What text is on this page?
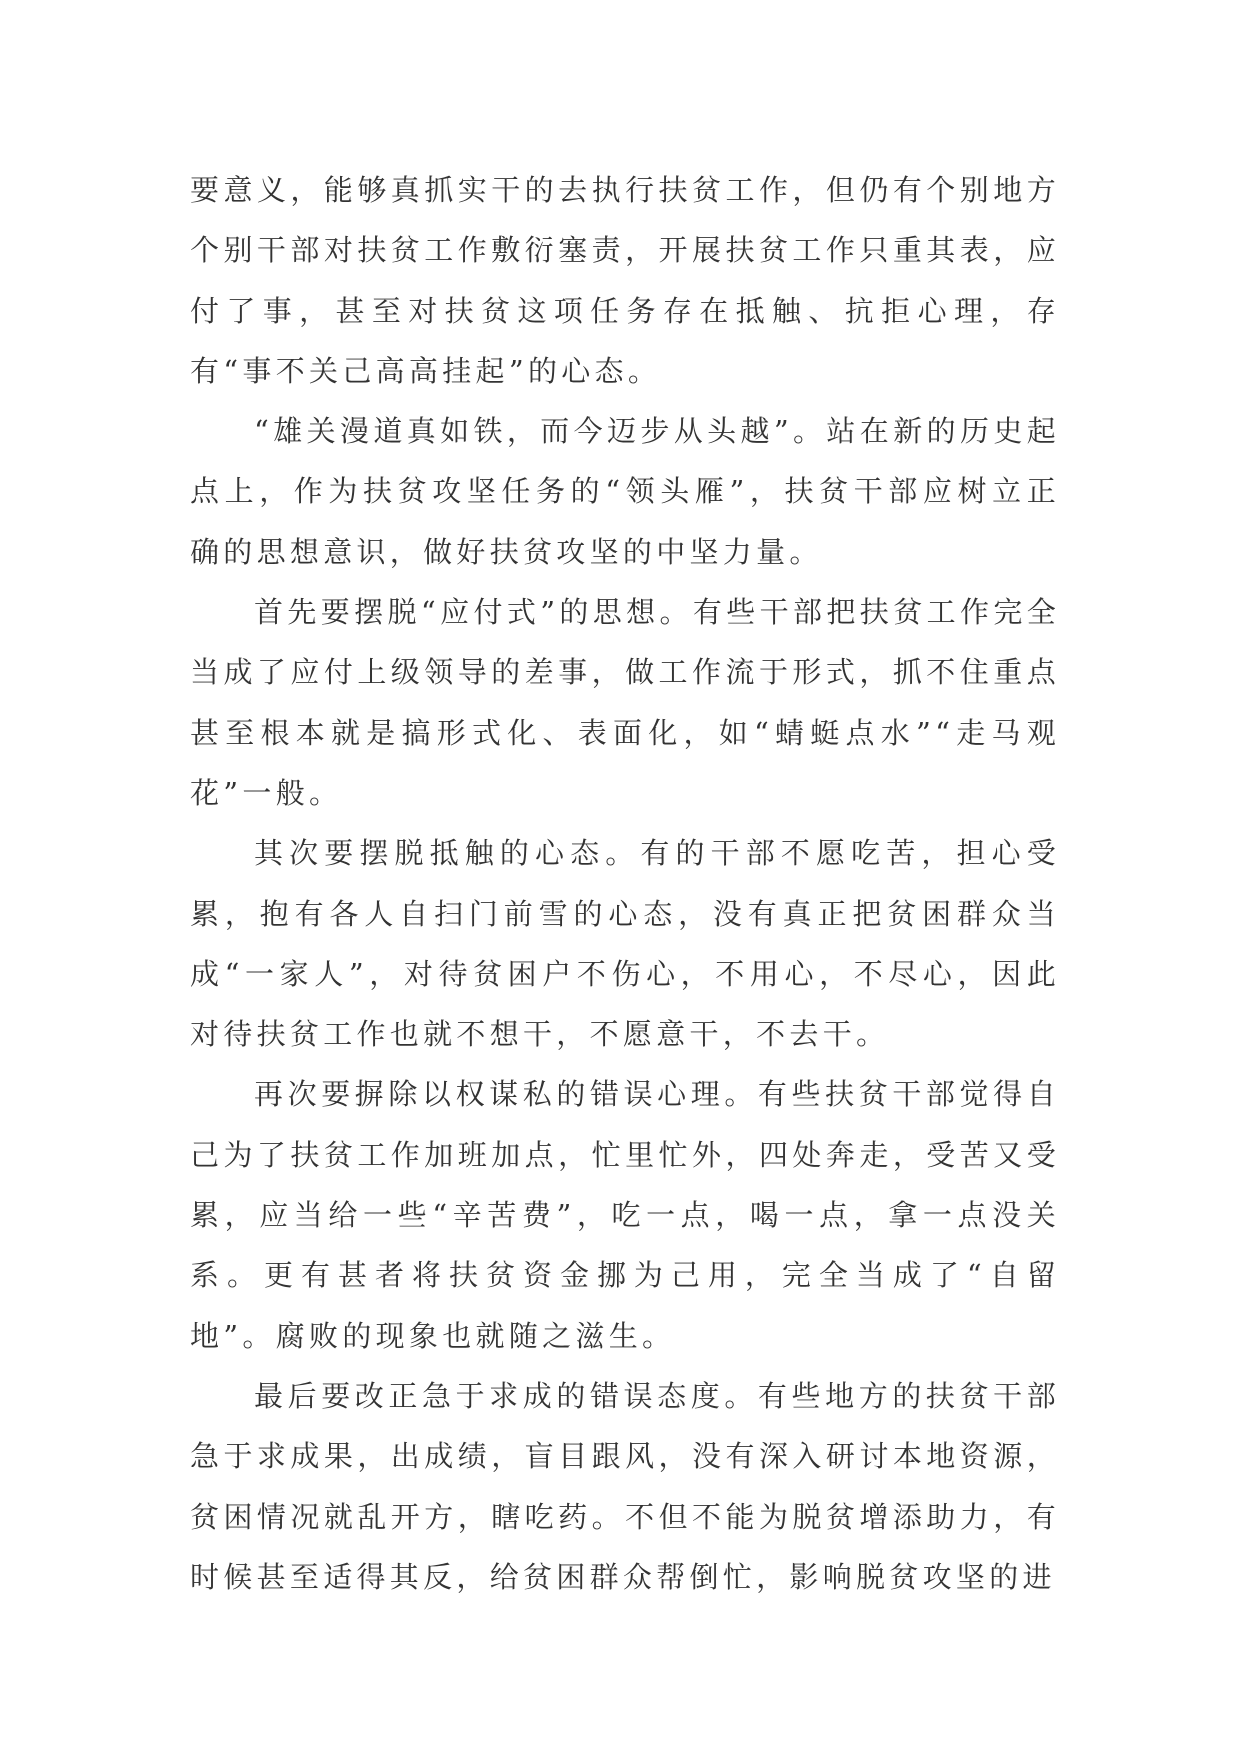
要意义，能够真抓实干的去执行扶贫工作，但仍有个别地方个别干部对扶贫工作敷衍塞责，开展扶贫工作只重其表，应付了事，甚至对扶贫这项任务存在抵触、抗拒心理，存有“事不关己高高挂起”的心态。

“雄关漫道真如铁，而今迈步从头越”。站在新的历史起点上，作为扶贫攻坚任务的“领头雁”，扶贫干部应树立正确的思想意识，做好扶贫攻坚的中坚力量。

首先要摆脱“应付式”的思想。有些干部把扶贫工作完全当成了应付上级领导的差事，做工作流于形式，抓不住重点甚至根本就是搞形式化、表面化，如“蜻蜓点水”“走马观花”一般。

其次要摆脱抵触的心态。有的干部不愿吃苦，担心受累，抱有各人自扫门前雪的心态，没有真正把贫困群众当成“一家人”，对待贫困户不伤心，不用心，不尽心，因此对待扶贫工作也就不想干，不愿意干，不去干。

再次要摒除以权谋私的错误心理。有些扶贫干部觉得自己为了扶贫工作加班加点，忙里忙外，四处奔走，受苦又受累，应当给一些“辛苦费”，吃一点，喝一点，拿一点没关系。更有甚者将扶贫资金挪为己用，完全当成了“自留地”。腐败的现象也就随之滋生。

最后要改正急于求成的错误态度。有些地方的扶贫干部急于求成果，出成绩，盲目跟风，没有深入研讨本地资源，贫困情况就乱开方，瞎吃药。不但不能为脱贫增添助力，有时候甚至适得其反，给贫困群众帮倒忙，影响脱贫攻坚的进
